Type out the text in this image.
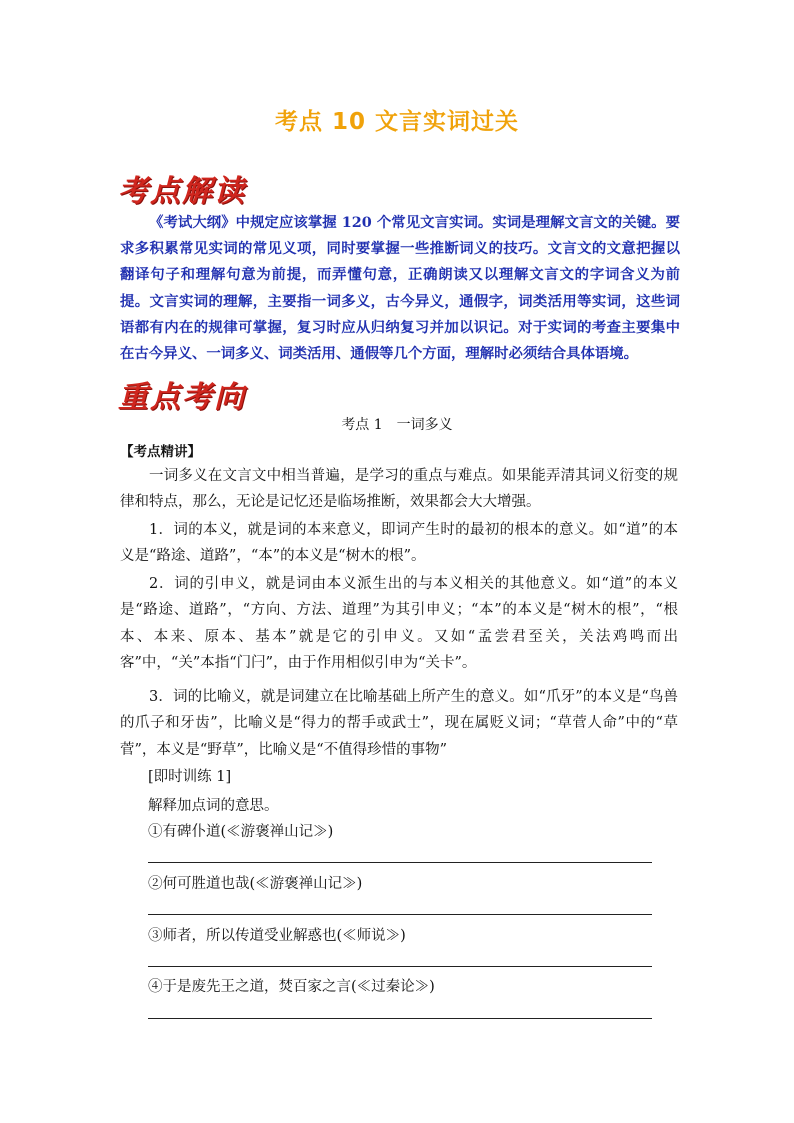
考点 10 文言实词过关
考点解读

《考试大纲》中规定应该掌握 120 个常见文言实词。实词是理解文言文的关键。要求多积累常见实词的常见义项，同时要掌握一些推断词义的技巧。文言文的文意把握以翻译句子和理解句意为前提，而弄懂句意，正确朗读又以理解文言文的字词含义为前提。文言实词的理解，主要指一词多义，古今异义，通假字，词类活用等实词，这些词语都有内在的规律可掌握，复习时应从归纳复习并加以识记。对于实词的考查主要集中在古今异义、一词多义、词类活用、通假等几个方面，理解时必须结合具体语境。

重点考向
考点 1　一词多义
【考点精讲】

一词多义在文言文中相当普遍，是学习的重点与难点。如果能弄清其词义衍变的规律和特点，那么，无论是记忆还是临场推断，效果都会大大增强。

1．词的本义，就是词的本来意义，即词产生时的最初的根本的意义。如“道”的本义是“路途、道路”，“本”的本义是“树木的根”。

2．词的引申义，就是词由本义派生出的与本义相关的其他意义。如“道”的本义是“路途、道路”，“方向、方法、道理”为其引申义；“本”的本义是“树木的根”，“根本、本来、原本、基本”就是它的引申义。又如“孟尝君至关，关法鸡鸣而出客”中，“关”本指“门闩”，由于作用相似引申为“关卡”。

3．词的比喻义，就是词建立在比喻基础上所产生的意义。如“爪牙”的本义是“鸟兽的爪子和牙齿”，比喻义是“得力的帮手或武士”，现在属贬义词；“草菅人命”中的“草菅”，本义是“野草”，比喻义是“不值得珍惜的事物”

[即时训练 1]
解释加点词的意思。
①有碑仆道(≪游褒禅山记≫)
②何可胜道也哉(≪游褒禅山记≫)
③师者，所以传道受业解惑也(≪师说≫)
④于是废先王之道，焚百家之言(≪过秦论≫)
